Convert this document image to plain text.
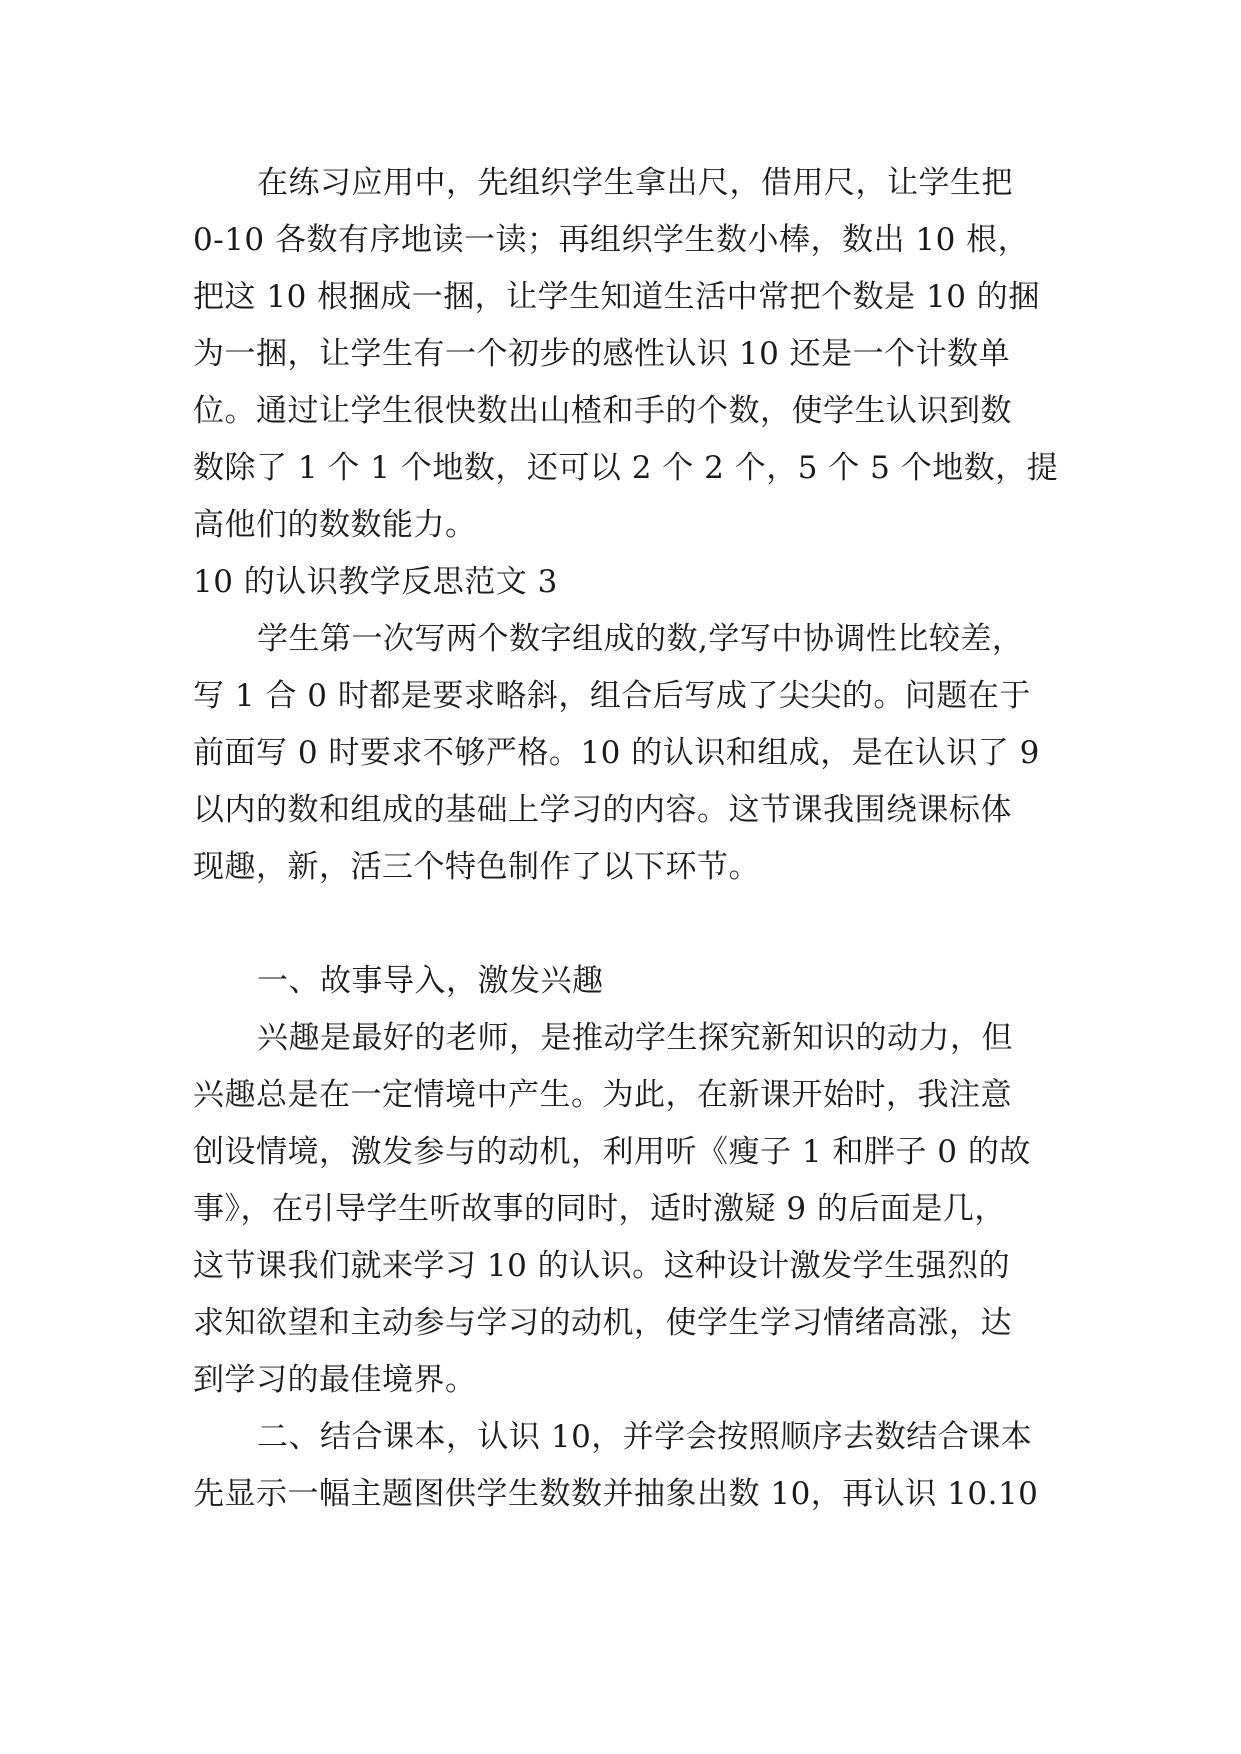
在练习应用中，先组织学生拿出尺，借用尺，让学生把
0-10 各数有序地读一读；再组织学生数小棒，数出 10 根，
把这 10 根捆成一捆，让学生知道生活中常把个数是 10 的捆
为一捆，让学生有一个初步的感性认识 10 还是一个计数单
位。通过让学生很快数出山楂和手的个数，使学生认识到数
数除了 1 个 1 个地数，还可以 2 个 2 个，5 个 5 个地数，提
高他们的数数能力。
10 的认识教学反思范文 3
学生第一次写两个数字组成的数,学写中协调性比较差，
写 1 合 0 时都是要求略斜，组合后写成了尖尖的。问题在于
前面写 0 时要求不够严格。10 的认识和组成，是在认识了 9
以内的数和组成的基础上学习的内容。这节课我围绕课标体
现趣，新，活三个特色制作了以下环节。
一、故事导入，激发兴趣
兴趣是最好的老师，是推动学生探究新知识的动力，但
兴趣总是在一定情境中产生。为此，在新课开始时，我注意
创设情境，激发参与的动机，利用听《瘦子 1 和胖子 0 的故
事》，在引导学生听故事的同时，适时激疑 9 的后面是几，
这节课我们就来学习 10 的认识。这种设计激发学生强烈的
求知欲望和主动参与学习的动机，使学生学习情绪高涨，达
到学习的最佳境界。
二、结合课本，认识 10，并学会按照顺序去数结合课本
先显示一幅主题图供学生数数并抽象出数 10，再认识 10.10
